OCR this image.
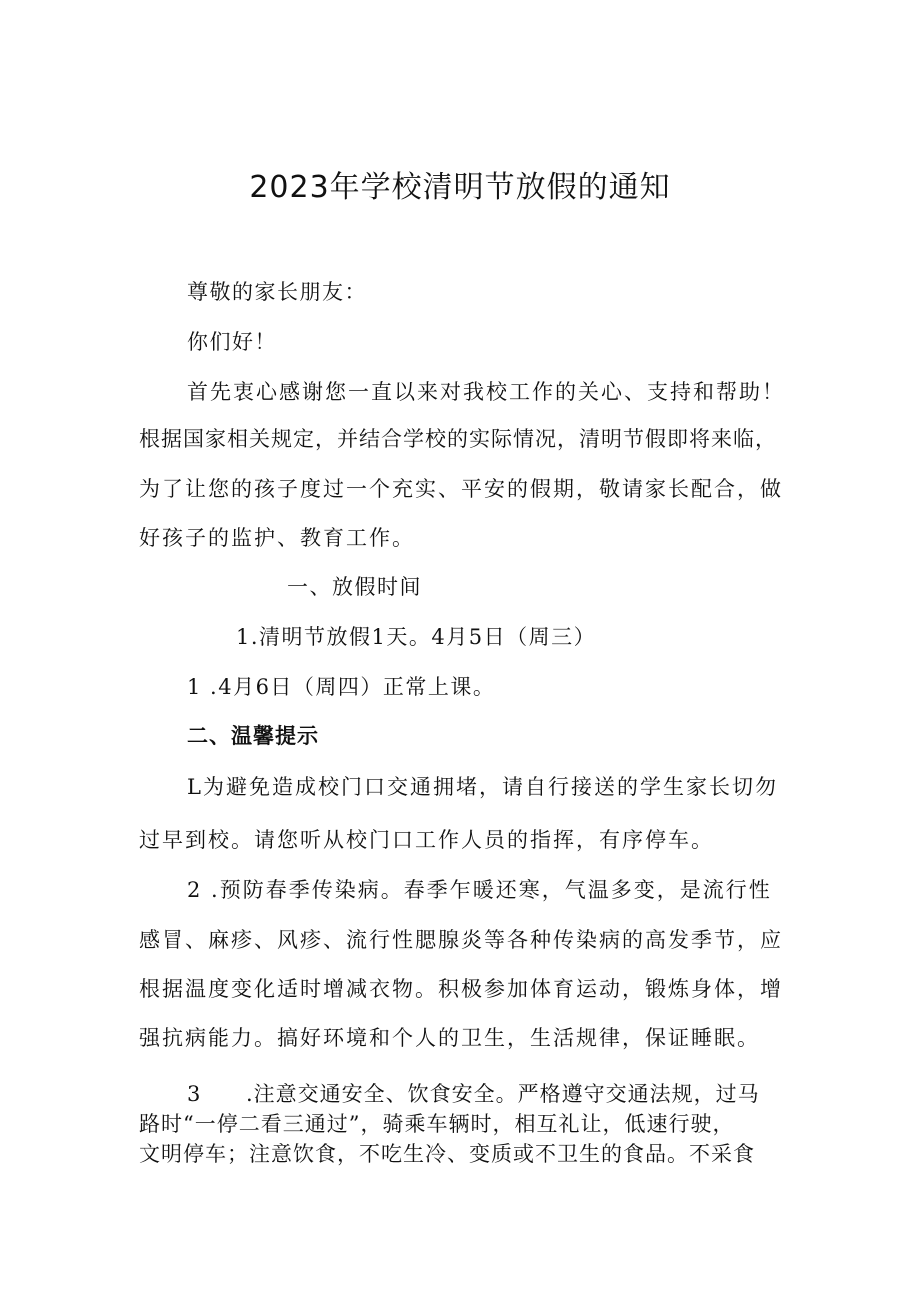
2023年学校清明节放假的通知
尊敬的家长朋友：
你们好！
首先衷心感谢您一直以来对我校工作的关心、支持和帮助！
根据国家相关规定，并结合学校的实际情况，清明节假即将来临，
为了让您的孩子度过一个充实、平安的假期，敬请家长配合，做
好孩子的监护、教育工作。
一、放假时间
1.清明节放假1天。4月5日（周三）
1 .4月6日（周四）正常上课。
二、温馨提示
L为避免造成校门口交通拥堵，请自行接送的学生家长切勿
过早到校。请您听从校门口工作人员的指挥，有序停车。
2 .预防春季传染病。春季乍暖还寒，气温多变，是流行性
感冒、麻疹、风疹、流行性腮腺炎等各种传染病的高发季节，应
根据温度变化适时增减衣物。积极参加体育运动，锻炼身体，增
强抗病能力。搞好环境和个人的卫生，生活规律，保证睡眠。
3 .注意交通安全、饮食安全。严格遵守交通法规，过马
路时“一停二看三通过”，骑乘车辆时，相互礼让，低速行驶，
文明停车；注意饮食，不吃生冷、变质或不卫生的食品。不采食
